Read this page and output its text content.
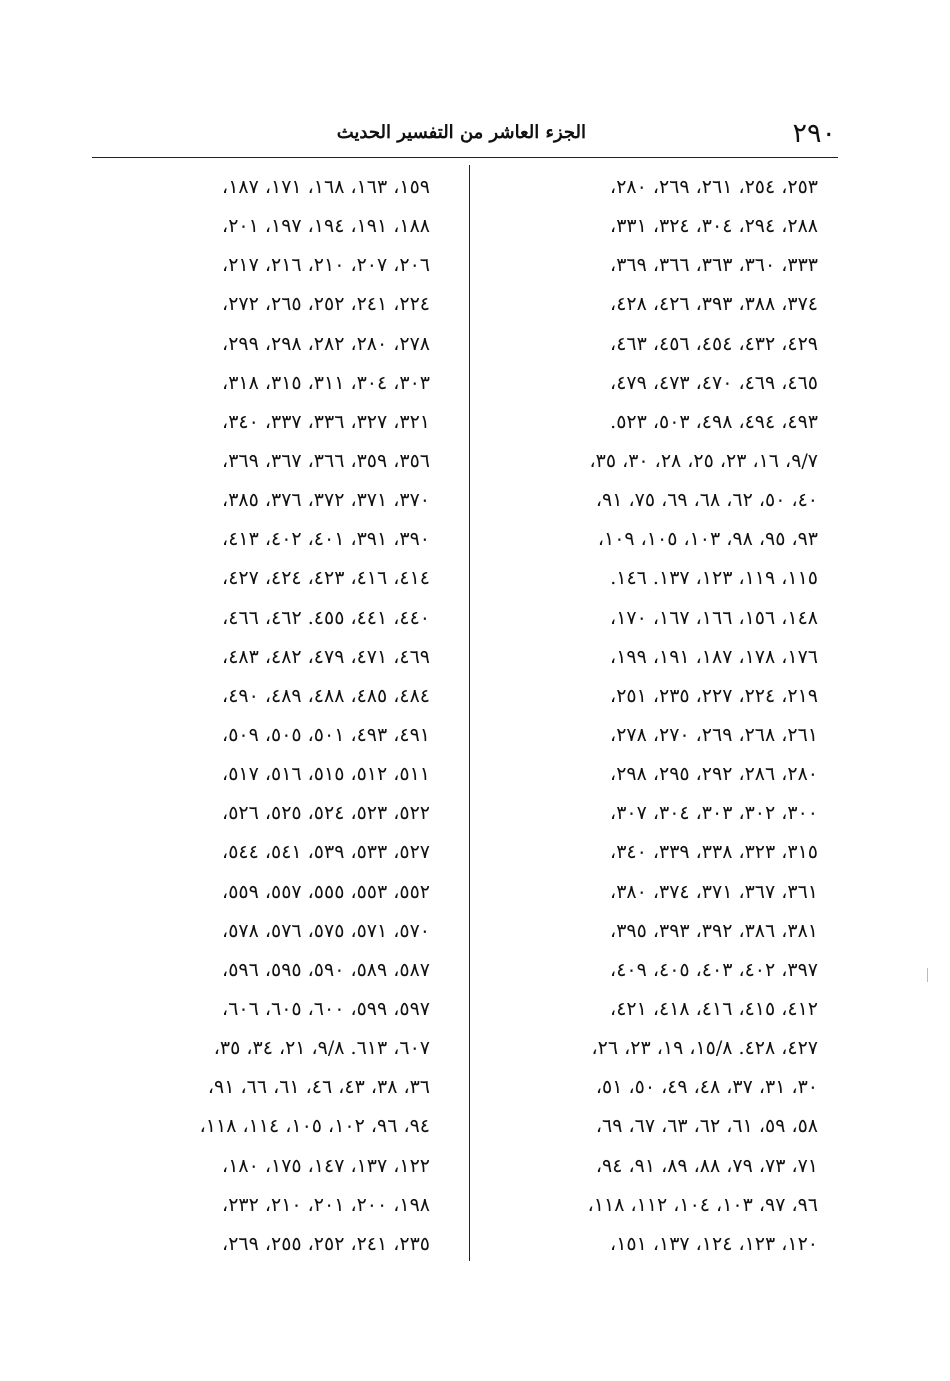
٢٩٠
الجزء العاشر من التفسير الحديث
٢٥٣، ٢٥٤، ٢٦١، ٢٦٩، ٢٨٠،
٢٨٨، ٢٩٤، ٣٠٤، ٣٢٤، ٣٣١،
٣٣٣، ٣٦٠، ٣٦٣، ٣٦٦، ٣٦٩،
٣٧٤، ٣٨٨، ٣٩٣، ٤٢٦، ٤٢٨،
٤٢٩، ٤٣٢، ٤٥٤، ٤٥٦، ٤٦٣،
٤٦٥، ٤٦٩، ٤٧٠، ٤٧٣، ٤٧٩،
٤٩٣، ٤٩٤، ٤٩٨، ٥٠٣، ٥٢٣.
٩/٧، ١٦، ٢٣، ٢٥، ٢٨، ٣٠، ٣٥،
٤٠، ٥٠، ٦٢، ٦٨، ٦٩، ٧٥، ٩١،
٩٣، ٩٥، ٩٨، ١٠٣، ١٠٥، ١٠٩،
١١٥، ١١٩، ١٢٣، ١٣٧. ١٤٦.
١٤٨، ١٥٦، ١٦٦، ١٦٧، ١٧٠،
١٧٦، ١٧٨، ١٨٧، ١٩١، ١٩٩،
٢١٩، ٢٢٤، ٢٢٧، ٢٣٥، ٢٥١،
٢٦١، ٢٦٨، ٢٦٩، ٢٧٠، ٢٧٨،
٢٨٠، ٢٨٦، ٢٩٢، ٢٩٥، ٢٩٨،
٣٠٠، ٣٠٢، ٣٠٣، ٣٠٤، ٣٠٧،
٣١٥، ٣٢٣، ٣٣٨، ٣٣٩، ٣٤٠،
٣٦١، ٣٦٧، ٣٧١، ٣٧٤، ٣٨٠،
٣٨١، ٣٨٦، ٣٩٢، ٣٩٣، ٣٩٥،
٣٩٧، ٤٠٢، ٤٠٣، ٤٠٥، ٤٠٩،
٤١٢، ٤١٥، ٤١٦، ٤١٨، ٤٢١،
٤٢٧، ٤٢٨. ١٥/٨، ١٩، ٢٣، ٢٦،
٣٠، ٣١، ٣٧، ٤٨، ٤٩، ٥٠، ٥١،
٥٨، ٥٩، ٦١، ٦٢، ٦٣، ٦٧، ٦٩،
٧١، ٧٣، ٧٩، ٨٨، ٨٩، ٩١، ٩٤،
٩٦، ٩٧، ١٠٣، ١٠٤، ١١٢، ١١٨،
١٢٠، ١٢٣، ١٢٤، ١٣٧، ١٥١،
١٥٩، ١٦٣، ١٦٨، ١٧١، ١٨٧،
١٨٨، ١٩١، ١٩٤، ١٩٧، ٢٠١،
٢٠٦، ٢٠٧، ٢١٠، ٢١٦، ٢١٧،
٢٢٤، ٢٤١، ٢٥٢، ٢٦٥، ٢٧٢،
٢٧٨، ٢٨٠، ٢٨٢، ٢٩٨، ٢٩٩،
٣٠٣، ٣٠٤، ٣١١، ٣١٥، ٣١٨،
٣٢١، ٣٢٧، ٣٣٦، ٣٣٧، ٣٤٠،
٣٥٦، ٣٥٩، ٣٦٦، ٣٦٧، ٣٦٩،
٣٧٠، ٣٧١، ٣٧٢، ٣٧٦، ٣٨٥،
٣٩٠، ٣٩١، ٤٠١، ٤٠٢، ٤١٣،
٤١٤، ٤١٦، ٤٢٣، ٤٢٤، ٤٢٧،
٤٤٠، ٤٤١، ٤٥٥. ٤٦٢، ٤٦٦،
٤٦٩، ٤٧١، ٤٧٩، ٤٨٢، ٤٨٣،
٤٨٤، ٤٨٥، ٤٨٨، ٤٨٩، ٤٩٠،
٤٩١، ٤٩٣، ٥٠١، ٥٠٥، ٥٠٩،
٥١١، ٥١٢، ٥١٥، ٥١٦، ٥١٧،
٥٢٢، ٥٢٣، ٥٢٤، ٥٢٥، ٥٢٦،
٥٢٧، ٥٣٣، ٥٣٩، ٥٤١، ٥٤٤،
٥٥٢، ٥٥٣، ٥٥٥، ٥٥٧، ٥٥٩،
٥٧٠، ٥٧١، ٥٧٥، ٥٧٦، ٥٧٨،
٥٨٧، ٥٨٩، ٥٩٠، ٥٩٥، ٥٩٦،
٥٩٧، ٥٩٩، ٦٠٠، ٦٠٥، ٦٠٦،
٦٠٧، ٦١٣. ٩/٨، ٢١، ٣٤، ٣٥،
٣٦، ٣٨، ٤٣، ٤٦، ٦١، ٦٦، ٩١،
٩٤، ٩٦، ١٠٢، ١٠٥، ١١٤، ١١٨،
١٢٢، ١٣٧، ١٤٧، ١٧٥، ١٨٠،
١٩٨، ٢٠٠، ٢٠١، ٢١٠، ٢٣٢،
٢٣٥، ٢٤١، ٢٥٢، ٢٥٥، ٢٦٩،
